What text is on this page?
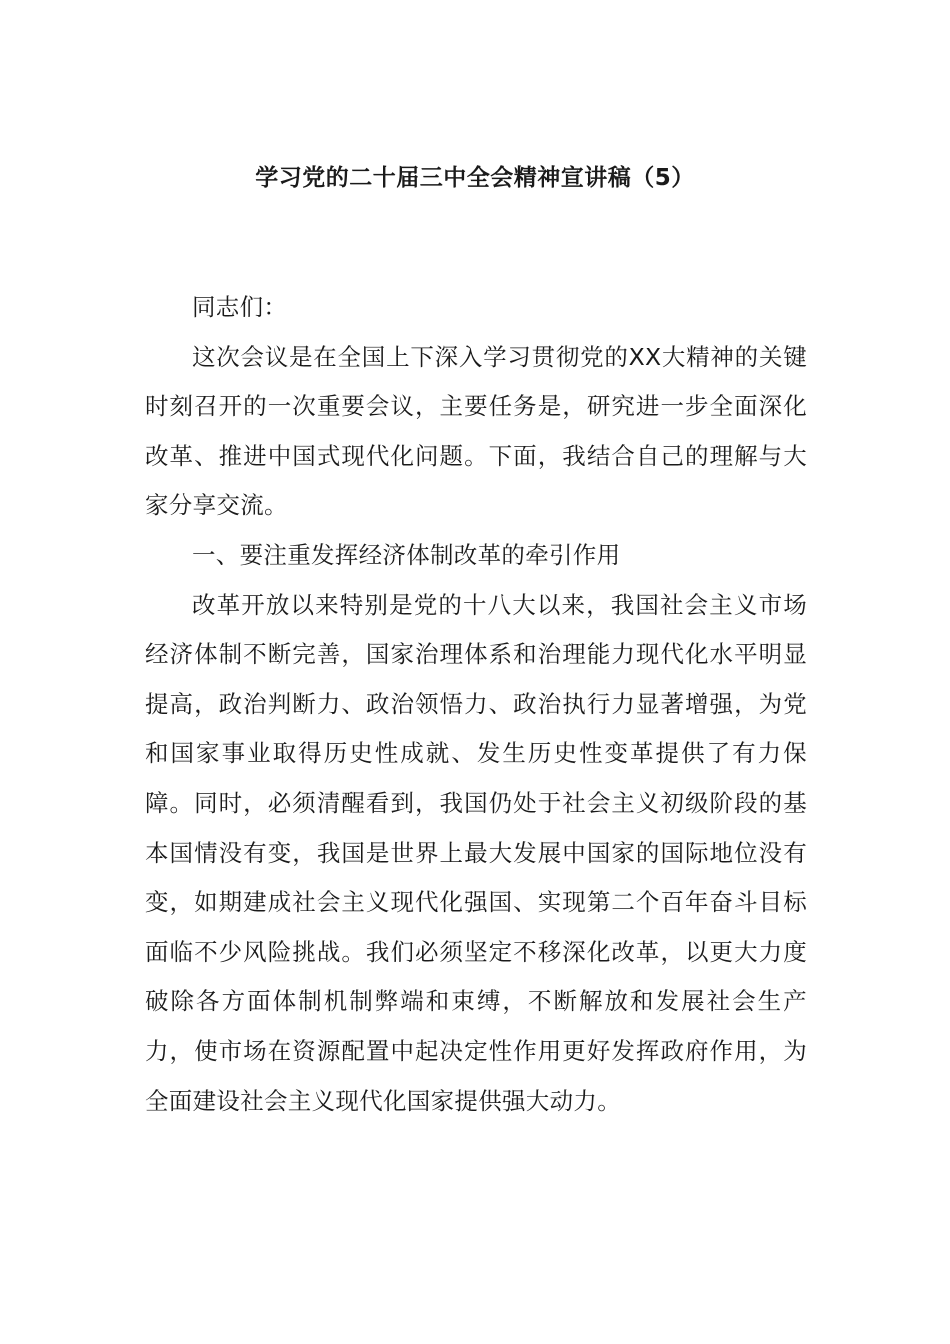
学习党的二十届三中全会精神宣讲稿（5）

同志们：

这次会议是在全国上下深入学习贯彻党的XX大精神的关键时刻召开的一次重要会议，主要任务是，研究进一步全面深化改革、推进中国式现代化问题。下面，我结合自己的理解与大家分享交流。

一、要注重发挥经济体制改革的牵引作用

改革开放以来特别是党的十八大以来，我国社会主义市场经济体制不断完善，国家治理体系和治理能力现代化水平明显提高，政治判断力、政治领悟力、政治执行力显著增强，为党和国家事业取得历史性成就、发生历史性变革提供了有力保障。同时，必须清醒看到，我国仍处于社会主义初级阶段的基本国情没有变，我国是世界上最大发展中国家的国际地位没有变，如期建成社会主义现代化强国、实现第二个百年奋斗目标面临不少风险挑战。我们必须坚定不移深化改革，以更大力度破除各方面体制机制弊端和束缚，不断解放和发展社会生产力，使市场在资源配置中起决定性作用更好发挥政府作用，为全面建设社会主义现代化国家提供强大动力。
